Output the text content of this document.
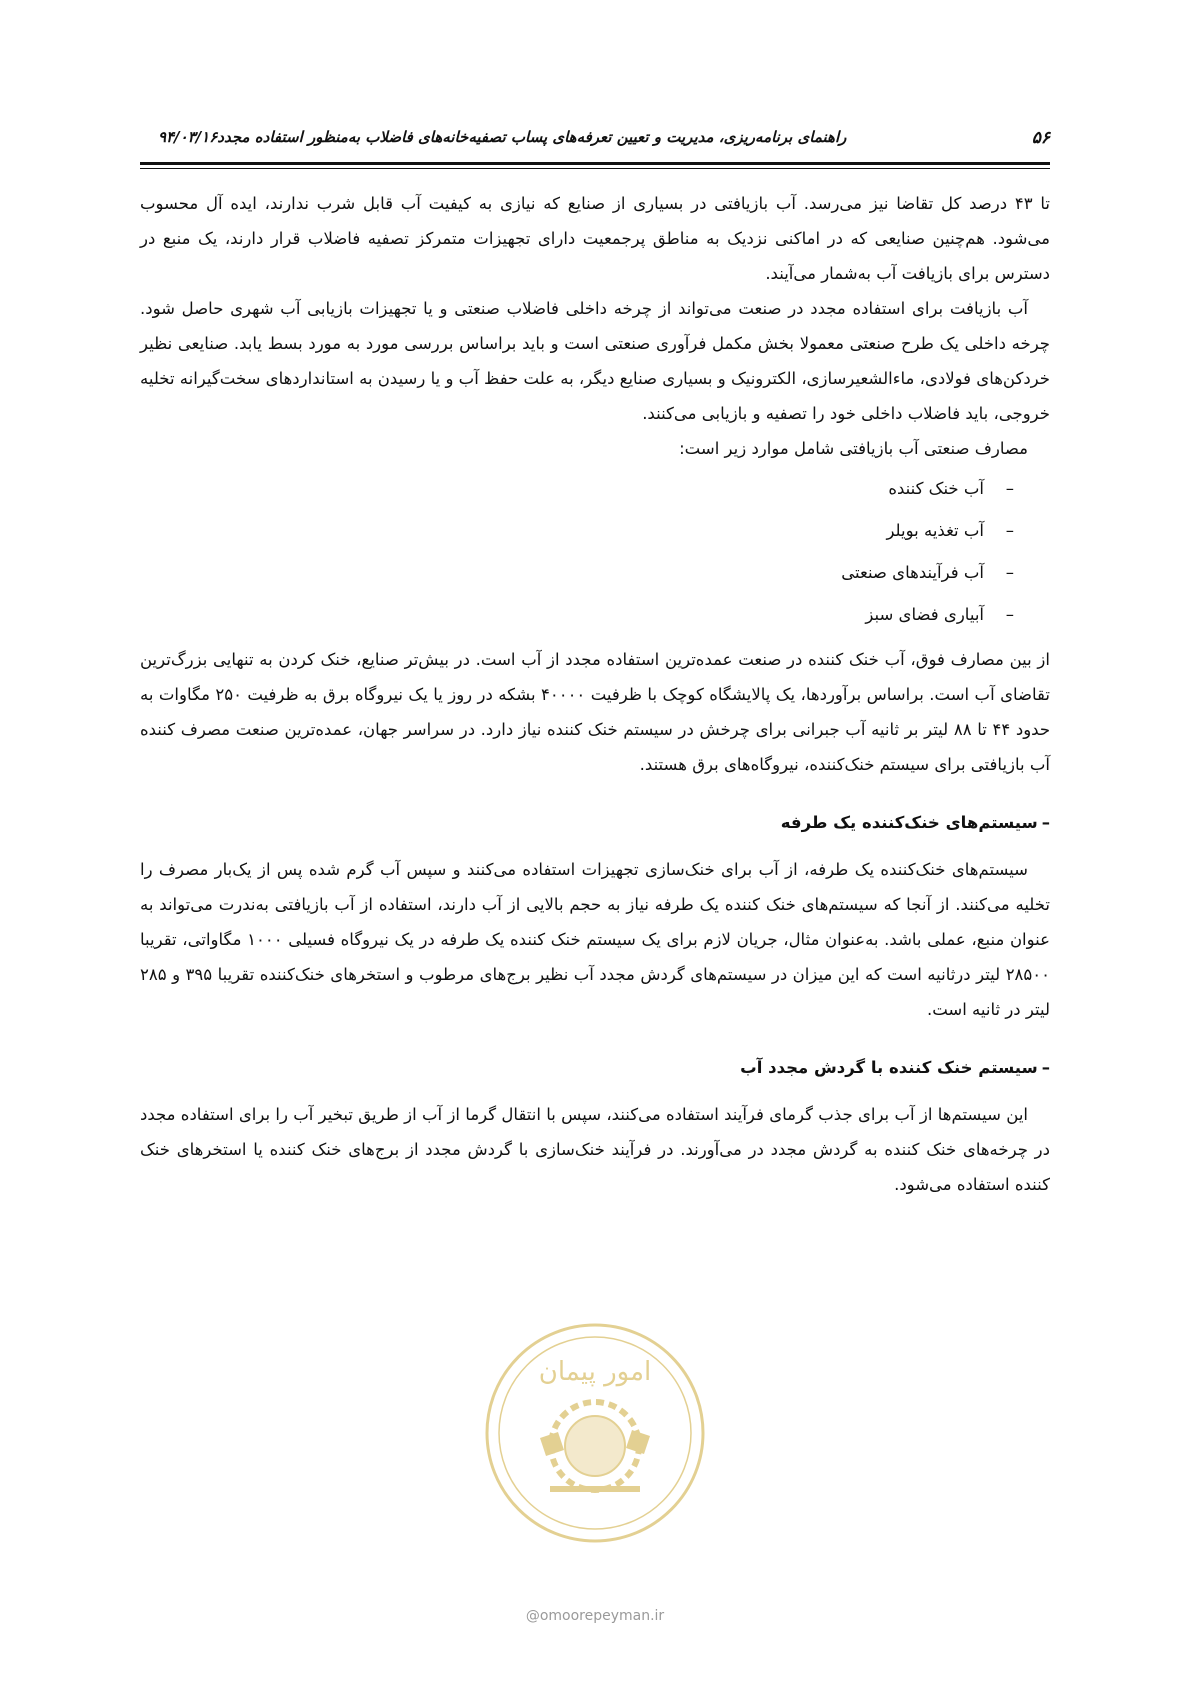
۵۶
راهنمای برنامه‌ریزی، مدیریت و تعیین تعرفه‌های پساب تصفیه‌خانه‌های فاضلاب به‌منظور استفاده مجدد۹۴/۰۳/۱۶

تا ۴۳ درصد کل تقاضا نیز می‌رسد. آب بازیافتی در بسیاری از صنایع که نیازی به کیفیت آب قابل شرب ندارند، ایده آل محسوب می‌شود. هم‌چنین صنایعی که در اماکنی نزدیک به مناطق پرجمعیت دارای تجهیزات متمرکز تصفیه فاضلاب قرار دارند، یک منبع در دسترس برای بازیافت آب به‌شمار می‌آیند.

آب بازیافت برای استفاده مجدد در صنعت می‌تواند از چرخه داخلی فاضلاب صنعتی و یا تجهیزات بازیابی آب شهری حاصل شود. چرخه داخلی یک طرح صنعتی معمولا بخش مکمل فرآوری صنعتی است و باید براساس بررسی مورد به مورد بسط یابد. صنایعی نظیر خردکن‌های فولادی، ماءالشعیرسازی، الکترونیک و بسیاری صنایع دیگر، به علت حفظ آب و یا رسیدن به استانداردهای سخت‌گیرانه تخلیه خروجی، باید فاضلاب داخلی خود را تصفیه و بازیابی می‌کنند.

مصارف صنعتی آب بازیافتی شامل موارد زیر است:

–آب خنک کننده
–آب تغذیه بویلر
–آب فرآیندهای صنعتی
–آبیاری فضای سبز

از بین مصارف فوق، آب خنک کننده در صنعت عمده‌ترین استفاده مجدد از آب است. در بیش‌تر صنایع، خنک کردن به تنهایی بزرگ‌ترین تقاضای آب است. براساس برآوردها، یک پالایشگاه کوچک با ظرفیت ۴۰۰۰۰ بشکه در روز یا یک نیروگاه برق به ظرفیت ۲۵۰ مگاوات به حدود ۴۴ تا ۸۸ لیتر بر ثانیه آب جبرانی برای چرخش در سیستم خنک کننده نیاز دارد. در سراسر جهان، عمده‌ترین صنعت مصرف کننده آب بازیافتی برای سیستم خنک‌کننده، نیروگاه‌های برق هستند.

–سیستم‌های خنک‌کننده یک طرفه

سیستم‌های خنک‌کننده یک طرفه، از آب برای خنک‌سازی تجهیزات استفاده می‌کنند و سپس آب گرم شده پس از یک‌بار مصرف را تخلیه می‌کنند. از آنجا که سیستم‌های خنک کننده یک طرفه نیاز به حجم بالایی از آب دارند، استفاده از آب بازیافتی به‌ندرت می‌تواند به عنوان منبع، عملی باشد. به‌عنوان مثال، جریان لازم برای یک سیستم خنک کننده یک طرفه در یک نیروگاه فسیلی ۱۰۰۰ مگاواتی، تقریبا ۲۸۵۰۰ لیتر درثانیه است که این میزان در سیستم‌های گردش مجدد آب نظیر برج‌های مرطوب و استخرهای خنک‌کننده تقریبا ۳۹۵ و ۲۸۵ لیتر در ثانیه است.

–سیستم خنک کننده با گردش مجدد آب

این سیستم‌ها از آب برای جذب گرمای فرآیند استفاده می‌کنند، سپس با انتقال گرما از آب از طریق تبخیر آب را برای استفاده مجدد در چرخه‌های خنک کننده به گردش مجدد در می‌آورند. در فرآیند خنک‌سازی با گردش مجدد از برج‌های خنک کننده یا استخرهای خنک کننده استفاده می‌شود.

امور پیمان
@omoorepeyman.ir
